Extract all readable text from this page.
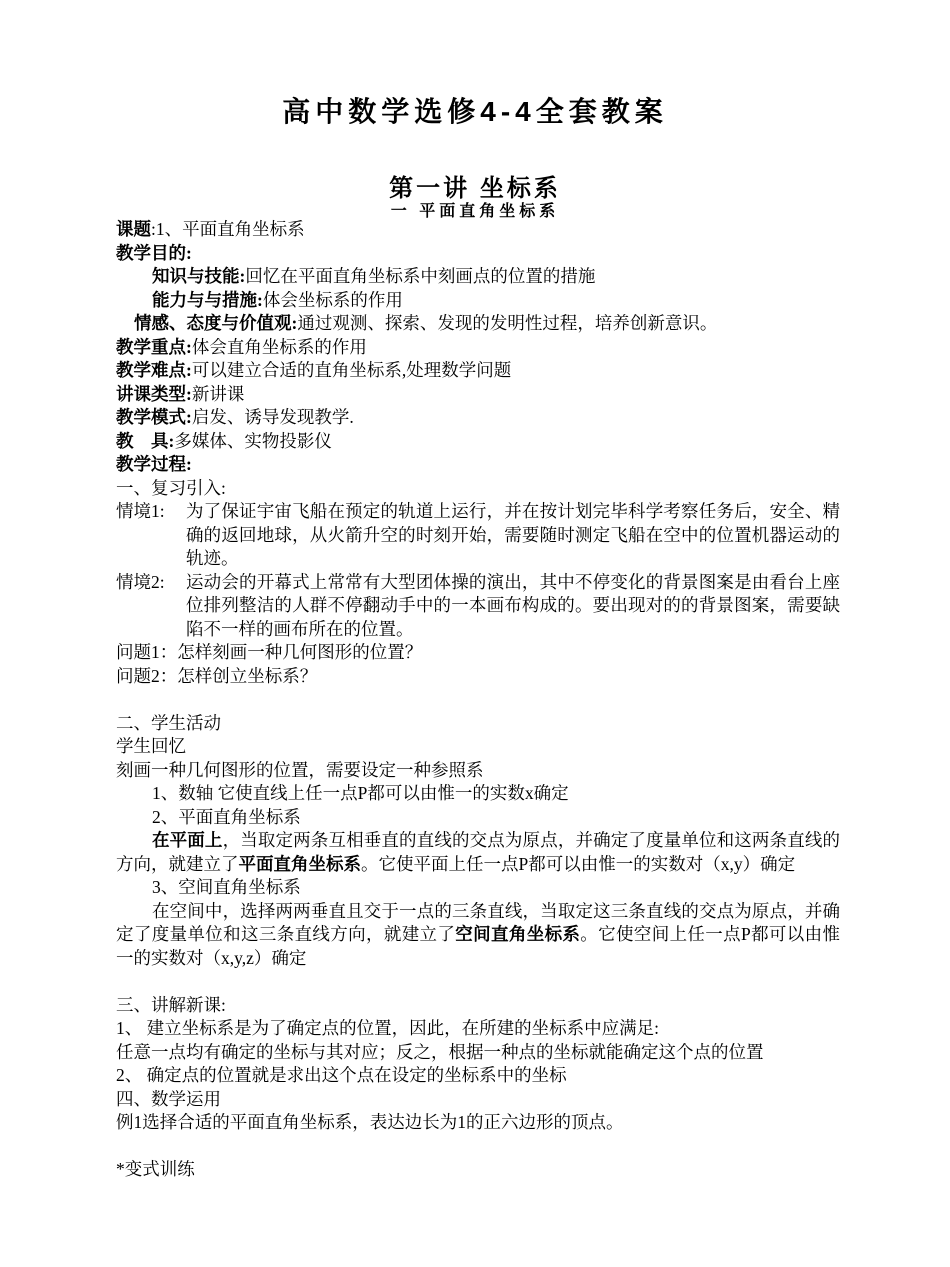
高中数学选修4-4全套教案
第一讲 坐标系
一 平面直角坐标系
课题:1、平面直角坐标系
教学目的:
知识与技能:回忆在平面直角坐标系中刻画点的位置的措施
能力与与措施:体会坐标系的作用
情感、态度与价值观:通过观测、探索、发现的发明性过程，培养创新意识。
教学重点:体会直角坐标系的作用
教学难点:可以建立合适的直角坐标系,处理数学问题
讲课类型:新讲课
教学模式:启发、诱导发现教学.
教    具:多媒体、实物投影仪
教学过程:
一、复习引入:
情境1:	为了保证宇宙飞船在预定的轨道上运行，并在按计划完毕科学考察任务后，安全、精确的返回地球，从火箭升空的时刻开始，需要随时测定飞船在空中的位置机器运动的轨迹。
情境2:	运动会的开幕式上常常有大型团体操的演出，其中不停变化的背景图案是由看台上座位排列整洁的人群不停翻动手中的一本画布构成的。要出现对的的背景图案，需要缺陷不一样的画布所在的位置。
问题1：怎样刻画一种几何图形的位置？
问题2：怎样创立坐标系？
二、学生活动
学生回忆
刻画一种几何图形的位置，需要设定一种参照系
1、数轴 它使直线上任一点P都可以由惟一的实数x确定
2、平面直角坐标系
在平面上，当取定两条互相垂直的直线的交点为原点，并确定了度量单位和这两条直线的方向，就建立了平面直角坐标系。它使平面上任一点P都可以由惟一的实数对（x,y）确定
3、空间直角坐标系
在空间中，选择两两垂直且交于一点的三条直线，当取定这三条直线的交点为原点，并确定了度量单位和这三条直线方向，就建立了空间直角坐标系。它使空间上任一点P都可以由惟一的实数对（x,y,z）确定
三、讲解新课:
1、 建立坐标系是为了确定点的位置，因此，在所建的坐标系中应满足:
任意一点均有确定的坐标与其对应；反之，根据一种点的坐标就能确定这个点的位置
2、 确定点的位置就是求出这个点在设定的坐标系中的坐标
四、数学运用
例1选择合适的平面直角坐标系，表达边长为1的正六边形的顶点。
*变式训练
